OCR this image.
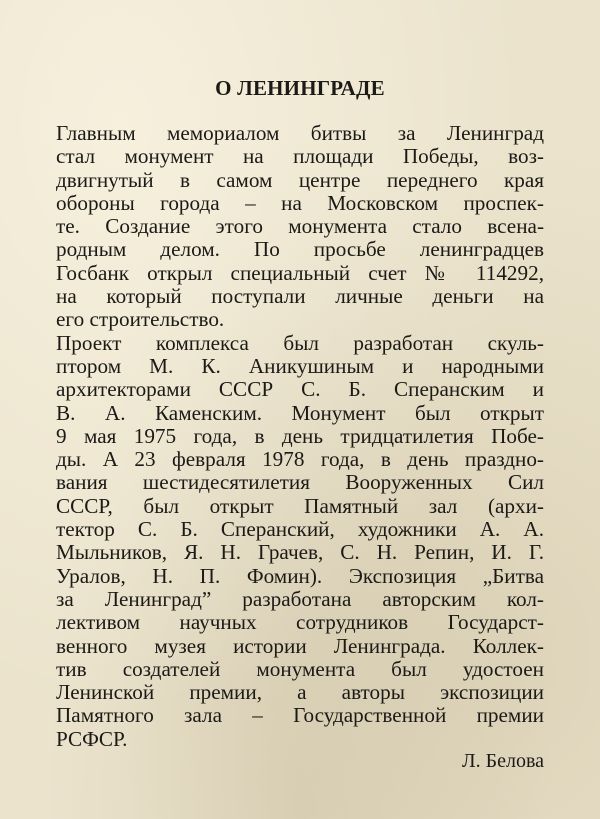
О ЛЕНИНГРАДЕ
Главным мемориалом битвы за Ленинград
стал монумент на площади Победы, воз-
двигнутый в самом центре переднего края
обороны города – на Московском проспек-
те. Создание этого монумента стало всена-
родным делом. По просьбе ленинградцев
Госбанк открыл специальный счет № 114292,
на который поступали личные деньги на
его строительство.
Проект комплекса был разработан скуль-
птором М. К. Аникушиным и народными
архитекторами СССР С. Б. Сперанским и
В. А. Каменским. Монумент был открыт
9 мая 1975 года, в день тридцатилетия Побе-
ды. А 23 февраля 1978 года, в день праздно-
вания шестидесятилетия Вооруженных Сил
СССР, был открыт Памятный зал (архи-
тектор С. Б. Сперанский, художники А. А.
Мыльников, Я. Н. Грачев, С. Н. Репин, И. Г.
Уралов, Н. П. Фомин). Экспозиция „Битва
за Ленинград” разработана авторским кол-
лективом научных сотрудников Государст-
венного музея истории Ленинграда. Коллек-
тив создателей монумента был удостоен
Ленинской премии, а авторы экспозиции
Памятного зала – Государственной премии
РСФСР.

Л. Белова
